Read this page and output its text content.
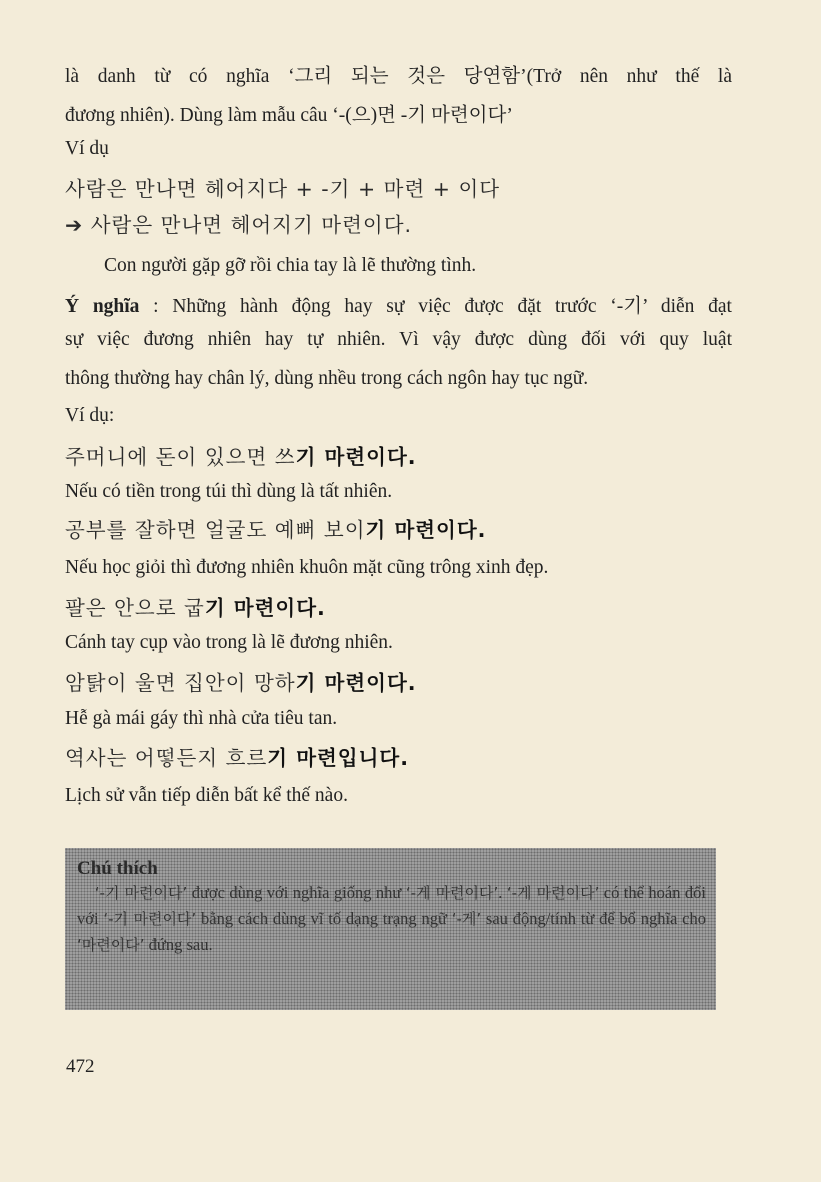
là danh từ có nghĩa ‘그리 되는 것은 당연함’(Trở nên như thế là
đương nhiên). Dùng làm mẫu câu ‘-(으)면 -기 마련이다’
Ví dụ
사람은 만나면 헤어지다 + -기 + 마련 + 이다
➔ 사람은 만나면 헤어지기 마련이다.
Con người gặp gỡ rồi chia tay là lẽ thường tình.
Ý nghĩa : Những hành động hay sự việc được đặt trước ‘-기’ diễn đạt
sự việc đương nhiên hay tự nhiên. Vì vậy được dùng đối với quy luật
thông thường hay chân lý, dùng nhều trong cách ngôn hay tục ngữ.
Ví dụ:
주머니에 돈이 있으면 쓰기 마련이다.
Nếu có tiền trong túi thì dùng là tất nhiên.
공부를 잘하면 얼굴도 예뻐 보이기 마련이다.
Nếu học giỏi thì đương nhiên khuôn mặt cũng trông xinh đẹp.
팔은 안으로 굽기 마련이다.
Cánh tay cụp vào trong là lẽ đương nhiên.
암탉이 울면 집안이 망하기 마련이다.
Hễ gà mái gáy thì nhà cửa tiêu tan.
역사는 어떻든지 흐르기 마련입니다.
Lịch sử vẫn tiếp diễn bất kể thế nào.
Chú thích
‘-기 마련이다’ được dùng với nghĩa giống như ‘-게 마련이다’. ‘-게 마련이다’ có thể hoán đổi với ‘-기 마련이다’ bằng cách dùng vĩ tố dạng trạng ngữ ‘-게’ sau động/tính từ để bổ nghĩa cho ‘마련이다’ đứng sau.
472
